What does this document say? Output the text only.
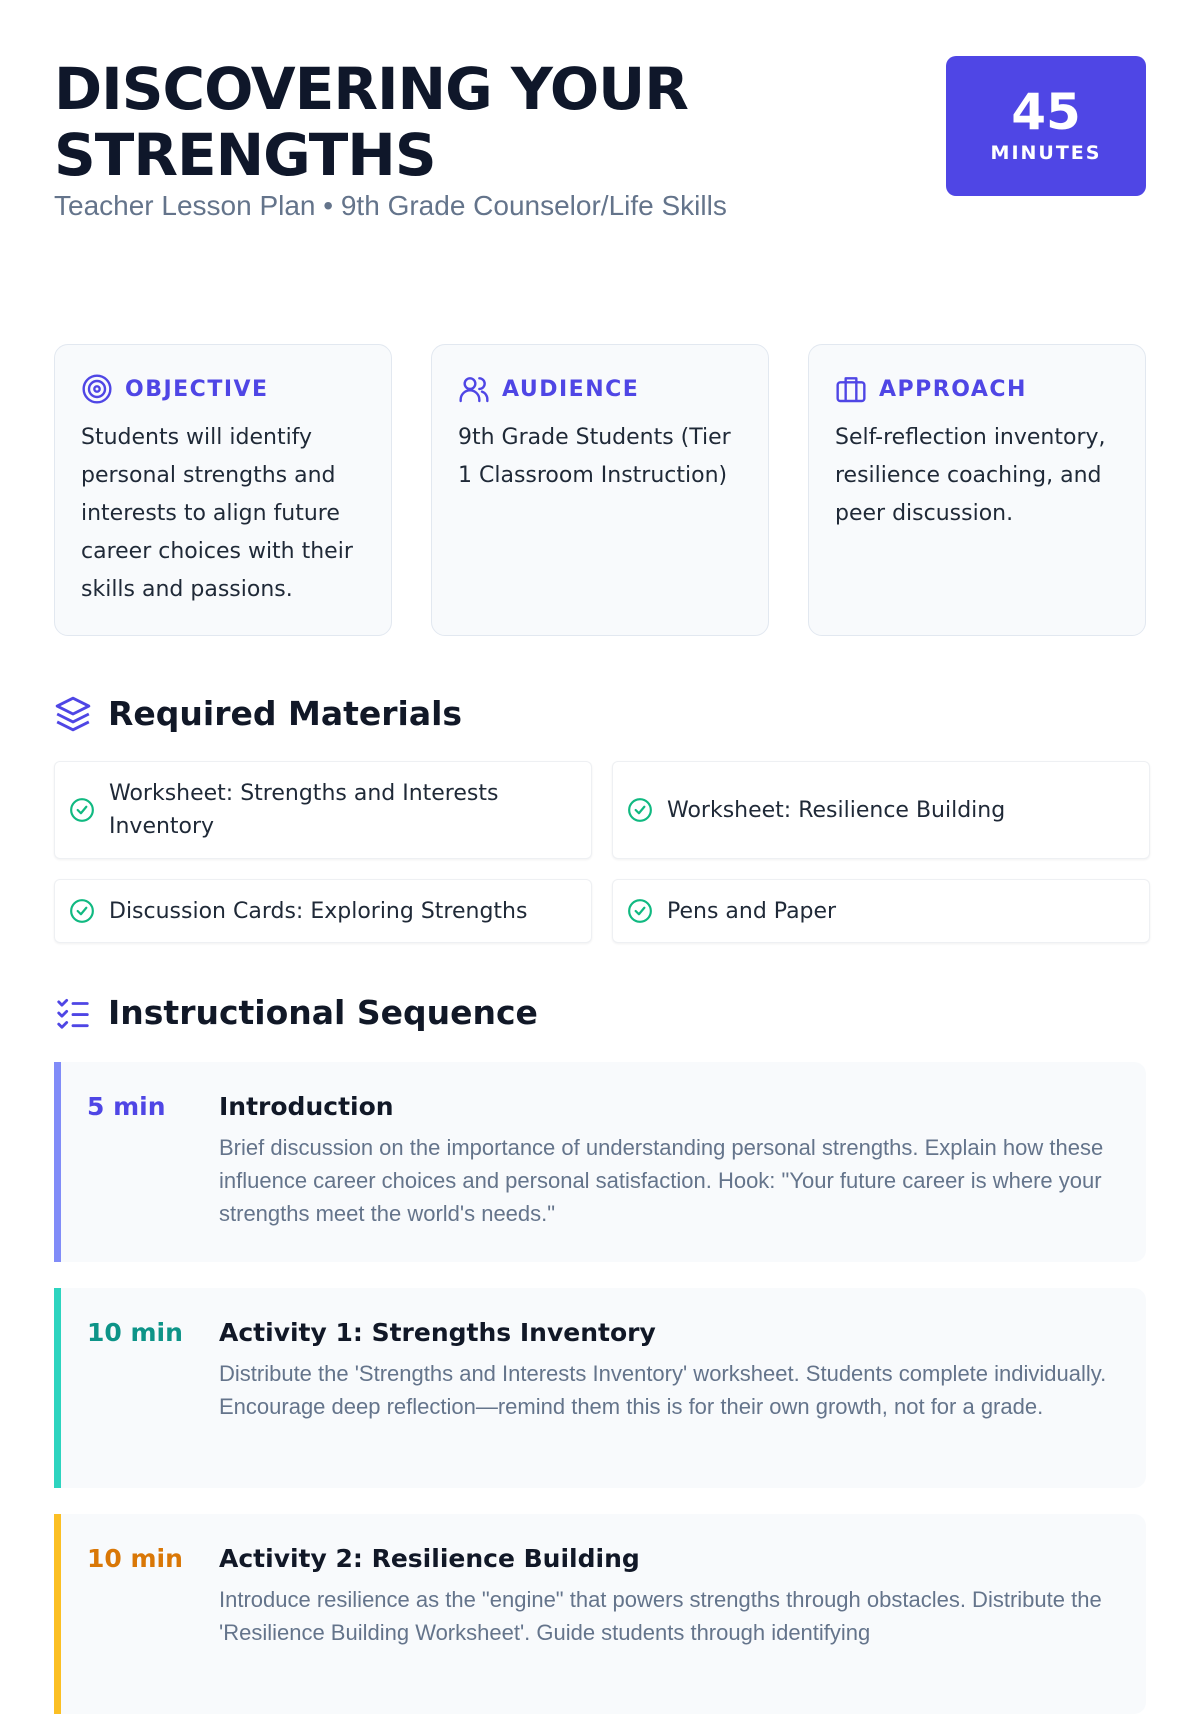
DISCOVERING YOUR STRENGTHS
Teacher Lesson Plan • 9th Grade Counselor/Life Skills
45
MINUTES
OBJECTIVE
Students will identify personal strengths and interests to align future career choices with their skills and passions.
AUDIENCE
9th Grade Students (Tier 1 Classroom Instruction)
APPROACH
Self-reflection inventory, resilience coaching, and peer discussion.
Required Materials
Worksheet: Strengths and Interests Inventory
Worksheet: Resilience Building
Discussion Cards: Exploring Strengths	Pens and Paper
Instructional Sequence
5 min	Introduction
Brief discussion on the importance of understanding personal strengths. Explain how these influence career choices and personal satisfaction. Hook: "Your future career is where your strengths meet the world's needs."
10 min	Activity 1: Strengths Inventory
Distribute the 'Strengths and Interests Inventory' worksheet. Students complete individually. Encourage deep reflection—remind them this is for their own growth, not for a grade.
10 min	Activity 2: Resilience Building
Introduce resilience as the "engine" that powers strengths through obstacles. Distribute the 'Resilience Building Worksheet'. Guide students through identifying
